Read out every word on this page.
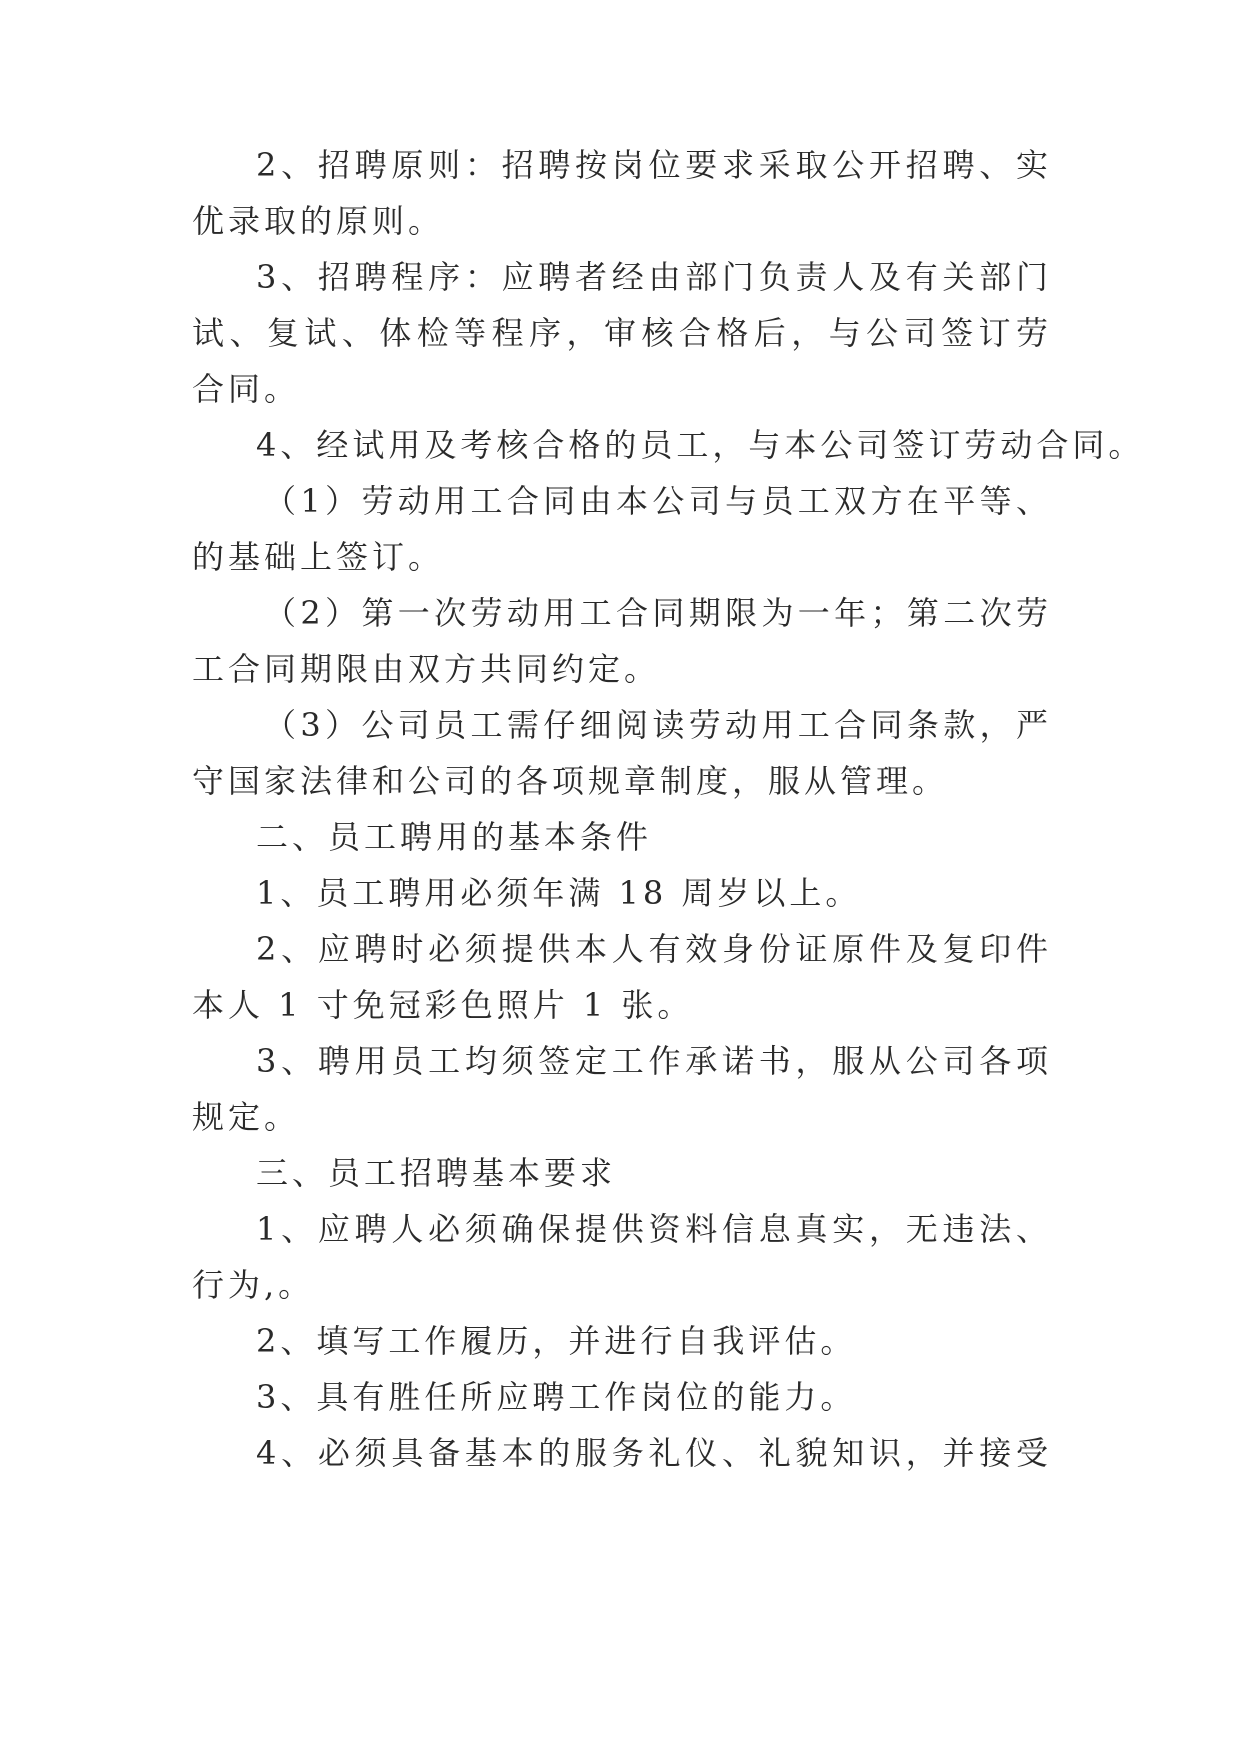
2、招聘原则：招聘按岗位要求采取公开招聘、实
优录取的原则。
3、招聘程序：应聘者经由部门负责人及有关部门
试、复试、体检等程序，审核合格后，与公司签订劳
合同。
4、经试用及考核合格的员工，与本公司签订劳动合同。
（1）劳动用工合同由本公司与员工双方在平等、
的基础上签订。
（2）第一次劳动用工合同期限为一年；第二次劳
工合同期限由双方共同约定。
（3）公司员工需仔细阅读劳动用工合同条款，严
守国家法律和公司的各项规章制度，服从管理。
二、员工聘用的基本条件
1、员工聘用必须年满 18 周岁以上。
2、应聘时必须提供本人有效身份证原件及复印件
本人 1 寸免冠彩色照片 1 张。
3、聘用员工均须签定工作承诺书，服从公司各项
规定。
三、员工招聘基本要求
1、应聘人必须确保提供资料信息真实，无违法、
行为,。
2、填写工作履历，并进行自我评估。
3、具有胜任所应聘工作岗位的能力。
4、必须具备基本的服务礼仪、礼貌知识，并接受
